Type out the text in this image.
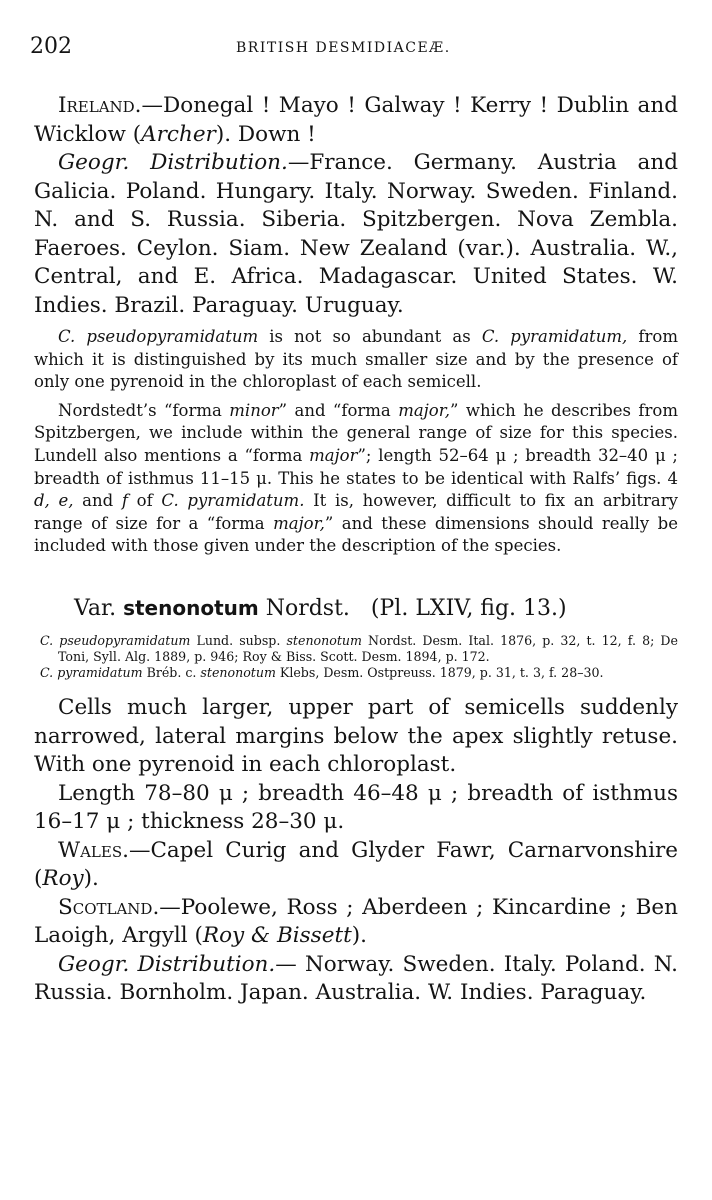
202	BRITISH DESMIDIACEÆ.

Ireland.—Donegal ! Mayo ! Galway ! Kerry ! Dublin and Wicklow (Archer). Down !

Geogr. Distribution.—France. Germany. Austria and Galicia. Poland. Hungary. Italy. Norway. Sweden. Finland. N. and S. Russia. Siberia. Spitzbergen. Nova Zembla. Faeroes. Ceylon. Siam. New Zealand (var.). Australia. W., Central, and E. Africa. Madagascar. United States. W. Indies. Brazil. Paraguay. Uruguay.

C. pseudopyramidatum is not so abundant as C. pyramidatum, from which it is distinguished by its much smaller size and by the presence of only one pyrenoid in the chloroplast of each semicell.

Nordstedt’s “forma minor” and “forma major,” which he describes from Spitzbergen, we include within the general range of size for this species. Lundell also mentions a “forma major”; length 52–64 μ ; breadth 32–40 μ ; breadth of isthmus 11–15 μ. This he states to be identical with Ralfs’ figs. 4 d, e, and f of C. pyramidatum. It is, however, difficult to fix an arbitrary range of size for a “forma major,” and these dimensions should really be included with those given under the description of the species.

Var. stenonotum Nordst. (Pl. LXIV, fig. 13.)

C. pseudopyramidatum Lund. subsp. stenonotum Nordst. Desm. Ital. 1876, p. 32, t. 12, f. 8; De Toni, Syll. Alg. 1889, p. 946; Roy & Biss. Scott. Desm. 1894, p. 172.

C. pyramidatum Bréb. c. stenonotum Klebs, Desm. Ostpreuss. 1879, p. 31, t. 3, f. 28–30.

Cells much larger, upper part of semicells suddenly narrowed, lateral margins below the apex slightly retuse. With one pyrenoid in each chloroplast.

Length 78–80 μ ; breadth 46–48 μ ; breadth of isthmus 16–17 μ ; thickness 28–30 μ.

Wales.—Capel Curig and Glyder Fawr, Carnarvonshire (Roy).

Scotland.—Poolewe, Ross ; Aberdeen ; Kincardine ; Ben Laoigh, Argyll (Roy & Bissett).

Geogr. Distribution.— Norway. Sweden. Italy. Poland. N. Russia. Bornholm. Japan. Australia. W. Indies. Paraguay.
